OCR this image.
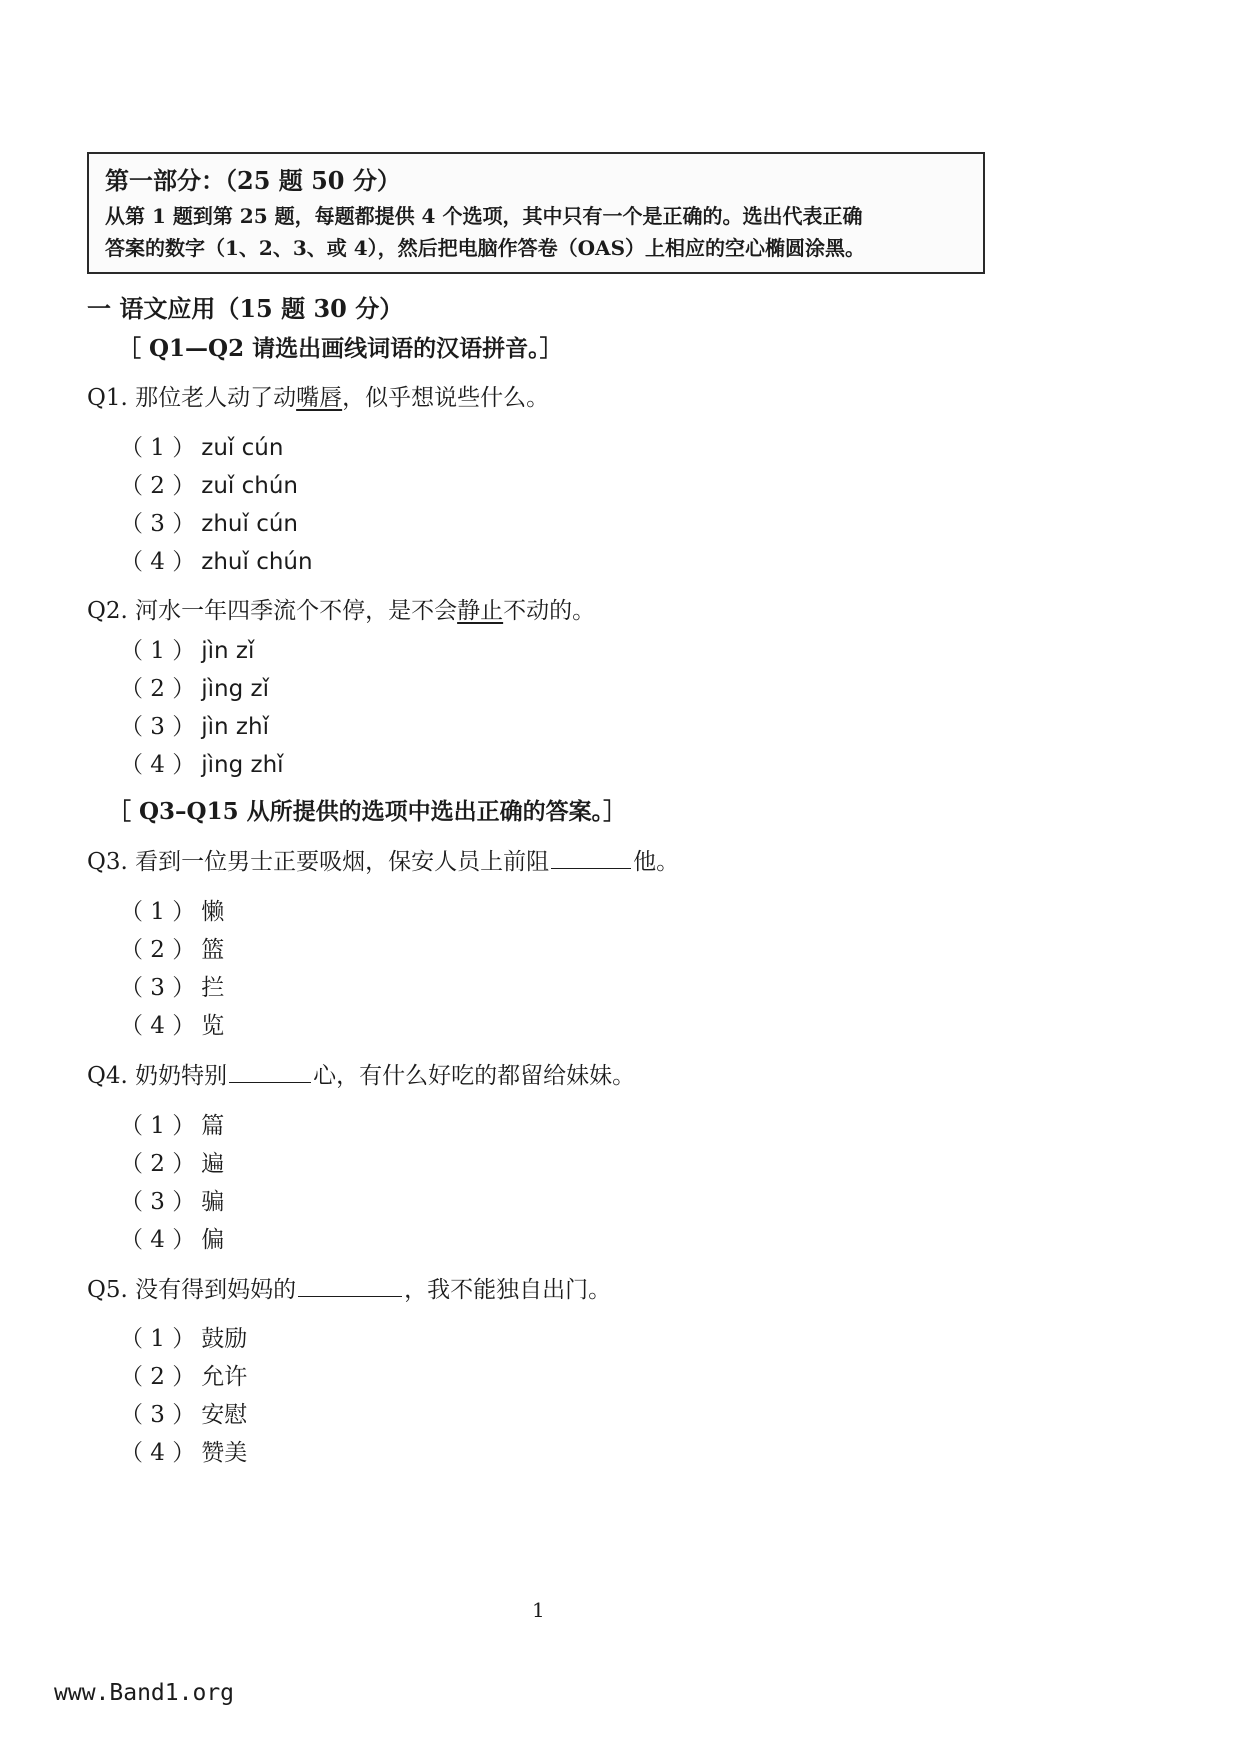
第一部分：（25 题 50 分）

从第 1 题到第 25 题，每题都提供 4 个选项，其中只有一个是正确的。选出代表正确

答案的数字（1、2、3、或 4），然后把电脑作答卷（OAS）上相应的空心椭圆涂黑。

一 语文应用（15 题 30 分）
［ Q1—Q2 请选出画线词语的汉语拼音。］
Q1. 那位老人动了动嘴唇，似乎想说些什么。
（ 1 ） zuǐ cún
（ 2 ） zuǐ chún
（ 3 ） zhuǐ cún
（ 4 ） zhuǐ chún
Q2. 河水一年四季流个不停，是不会静止不动的。
（ 1 ） jìn zǐ
（ 2 ） jìng zǐ
（ 3 ） jìn zhǐ
（ 4 ） jìng zhǐ
［ Q3–Q15 从所提供的选项中选出正确的答案。］
Q3. 看到一位男士正要吸烟，保安人员上前阻	他。
（ 1 ） 懒
（ 2 ） 篮
（ 3 ） 拦
（ 4 ） 览
Q4. 奶奶特别	心，有什么好吃的都留给妹妹。
（ 1 ） 篇
（ 2 ） 遍
（ 3 ） 骗
（ 4 ） 偏
Q5. 没有得到妈妈的	，我不能独自出门。
（ 1 ） 鼓励
（ 2 ） 允许
（ 3 ） 安慰
（ 4 ） 赞美
1
www.Band1.org
